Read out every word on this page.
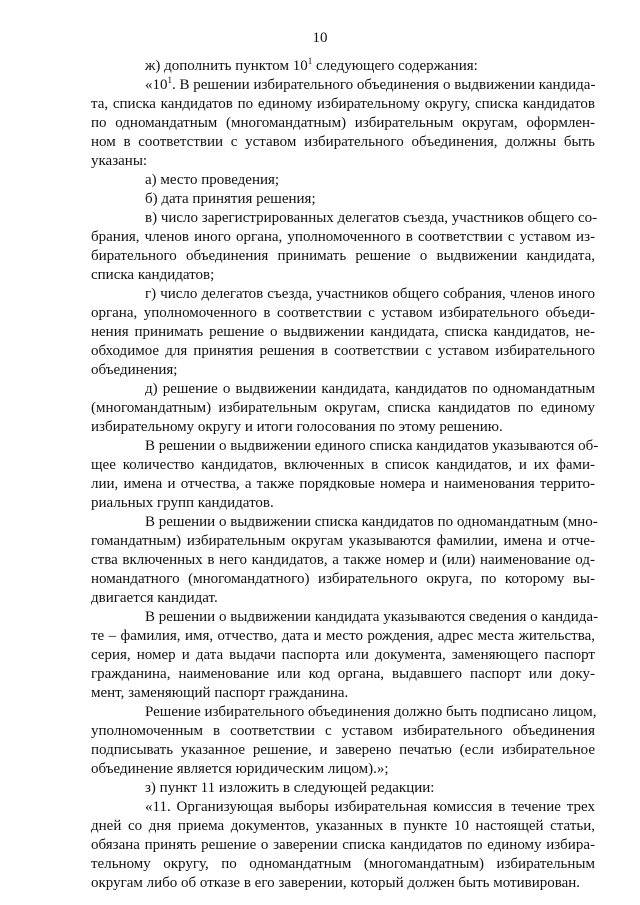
10
ж) дополнить пунктом $10^1$ следующего содержания:
«$10^1$. В решении избирательного объединения о выдвижении кандида-
та, списка кандидатов по единому избирательному округу, списка кандидатов
по одномандатным (многомандатным) избирательным округам, оформлен-
ном в соответствии с уставом избирательного объединения, должны быть
указаны:
а) место проведения;
б) дата принятия решения;
в) число зарегистрированных делегатов съезда, участников общего со-
брания, членов иного органа, уполномоченного в соответствии с уставом из-
бирательного объединения принимать решение о выдвижении кандидата,
списка кандидатов;
г) число делегатов съезда, участников общего собрания, членов иного
органа, уполномоченного в соответствии с уставом избирательного объеди-
нения принимать решение о выдвижении кандидата, списка кандидатов, не-
обходимое для принятия решения в соответствии с уставом избирательного
объединения;
д) решение о выдвижении кандидата, кандидатов по одномандатным
(многомандатным) избирательным округам, списка кандидатов по единому
избирательному округу и итоги голосования по этому решению.
В решении о выдвижении единого списка кандидатов указываются об-
щее количество кандидатов, включенных в список кандидатов, и их фами-
лии, имена и отчества, а также порядковые номера и наименования террито-
риальных групп кандидатов.
В решении о выдвижении списка кандидатов по одномандатным (мно-
гомандатным) избирательным округам указываются фамилии, имена и отче-
ства включенных в него кандидатов, а также номер и (или) наименование од-
номандатного (многомандатного) избирательного округа, по которому вы-
двигается кандидат.
В решении о выдвижении кандидата указываются сведения о кандида-
те – фамилия, имя, отчество, дата и место рождения, адрес места жительства,
серия, номер и дата выдачи паспорта или документа, заменяющего паспорт
гражданина, наименование или код органа, выдавшего паспорт или доку-
мент, заменяющий паспорт гражданина.
Решение избирательного объединения должно быть подписано лицом,
уполномоченным в соответствии с уставом избирательного объединения
подписывать указанное решение, и заверено печатью (если избирательное
объединение является юридическим лицом).»;
з) пункт 11 изложить в следующей редакции:
«11. Организующая выборы избирательная комиссия в течение трех
дней со дня приема документов, указанных в пункте 10 настоящей статьи,
обязана принять решение о заверении списка кандидатов по единому избира-
тельному округу, по одномандатным (многомандатным) избирательным
округам либо об отказе в его заверении, который должен быть мотивирован.
